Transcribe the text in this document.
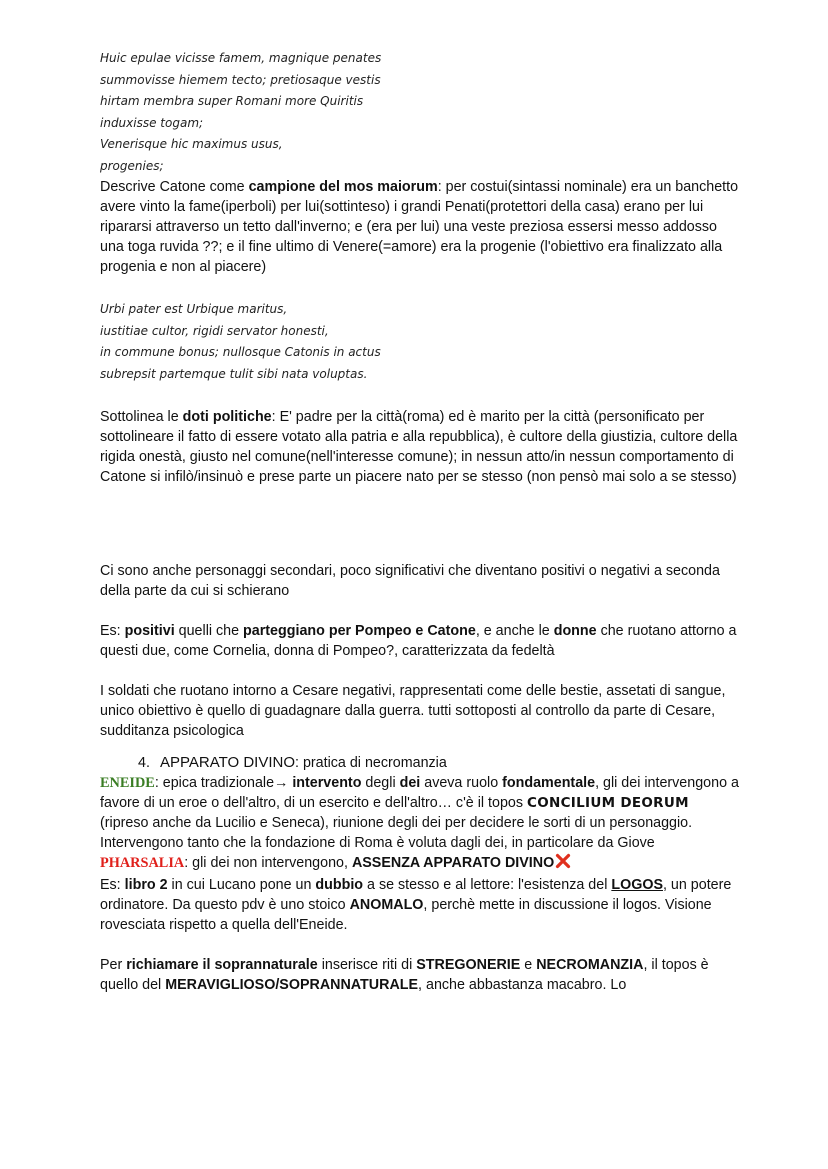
Huic epulae vicisse famem, magnique penates
summovisse hiemem tecto; pretiosaque vestis
hirtam membra super Romani more Quiritis
induxisse togam;
Venerisque hic maximus usus,
progenies;
Descrive Catone come campione del mos maiorum: per costui(sintassi nominale) era un banchetto avere vinto la fame(iperboli) per lui(sottinteso) i grandi Penati(protettori della casa) erano per lui ripararsi attraverso un tetto dall'inverno; e (era per lui) una veste preziosa essersi messo addosso una toga ruvida ??; e il fine ultimo di Venere(=amore) era la progenie (l'obiettivo era finalizzato alla progenia e non al piacere)
Urbi pater est Urbique maritus,
iustitiae cultor, rigidi servator honesti,
in commune bonus; nullosque Catonis in actus
subrepsit partemque tulit sibi nata voluptas.
Sottolinea le doti politiche: E' padre per la città(roma) ed è marito per la città (personificato per sottolineare il fatto di essere votato alla patria e alla repubblica), è cultore della giustizia, cultore della rigida onestà, giusto nel comune(nell'interesse comune); in nessun atto/in nessun comportamento di Catone si infilò/insinuò e prese parte un piacere nato per se stesso (non pensò mai solo a se stesso)
Ci sono anche personaggi secondari, poco significativi che diventano positivi o negativi a seconda della parte da cui si schierano
Es: positivi quelli che parteggiano per Pompeo e Catone, e anche le donne che ruotano attorno a questi due, come Cornelia, donna di Pompeo?, caratterizzata da fedeltà
I soldati che ruotano intorno a Cesare negativi, rappresentati come delle bestie, assetati di sangue, unico obiettivo è quello di guadagnare dalla guerra. tutti sottoposti al controllo da parte di Cesare, sudditanza psicologica
4. APPARATO DIVINO: pratica di necromanzia
ENEIDE: epica tradizionale→ intervento degli dei aveva ruolo fondamentale, gli dei intervengono a favore di un eroe o dell'altro, di un esercito e dell'altro… c'è il topos CONCILIUM DEORUM (ripreso anche da Lucilio e Seneca), riunione degli dei per decidere le sorti di un personaggio. Intervengono tanto che la fondazione di Roma è voluta dagli dei, in particolare da Giove
PHARSALIA: gli dei non intervengono, ASSENZA APPARATO DIVINO
Es: libro 2 in cui Lucano pone un dubbio a se stesso e al lettore: l'esistenza del LOGOS, un potere ordinatore. Da questo pdv è uno stoico ANOMALO, perchè mette in discussione il logos. Visione rovesciata rispetto a quella dell'Eneide.
Per richiamare il soprannaturale inserisce riti di STREGONERIE e NECROMANZIA, il topos è quello del MERAVIGLIOSO/SOPRANNATURALE, anche abbastanza macabro. Lo
